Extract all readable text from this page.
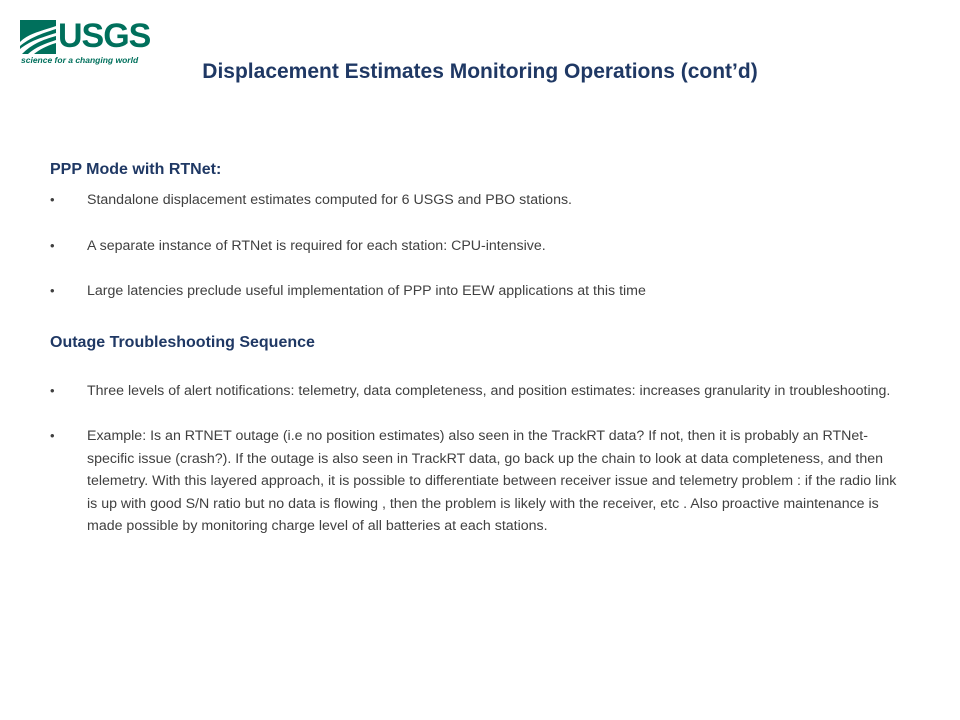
USGS
science for a changing world	Displacement Estimates Monitoring Operations (cont’d)

PPP Mode with RTNet:

• Standalone displacement estimates computed for 6 USGS and PBO stations.
• A separate instance of RTNet is required for each station: CPU-intensive.
• Large latencies preclude useful implementation of PPP into EEW applications at this time

Outage Troubleshooting Sequence

• Three levels of alert notifications: telemetry, data completeness, and position estimates: increases granularity in troubleshooting.
• Example: Is an RTNET outage (i.e no position estimates) also seen in the TrackRT data? If not, then it is probably an RTNet-specific issue (crash?). If the outage is also seen in TrackRT data, go back up the chain to look at data completeness, and then telemetry. With this layered approach, it is possible to differentiate between receiver issue and telemetry problem : if the radio link is up with good S/N ratio but no data is flowing , then the problem is likely with the receiver, etc . Also proactive maintenance is made possible by monitoring charge level of all batteries at each stations.
